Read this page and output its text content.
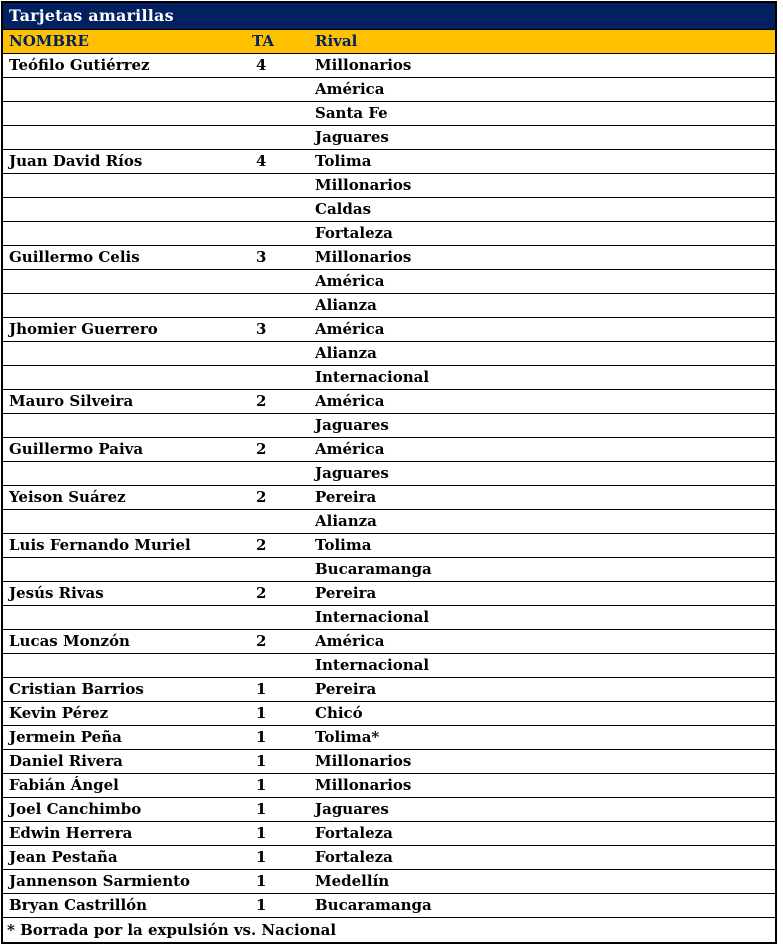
Tarjetas amarillas		
NOMBRE	TA	Rival
Teófilo Gutiérrez	4	Millonarios
		América
		Santa Fe
		Jaguares
Juan David Ríos	4	Tolima
		Millonarios
		Caldas
		Fortaleza
Guillermo Celis	3	Millonarios
		América
		Alianza
Jhomier Guerrero	3	América
		Alianza
		Internacional
Mauro Silveira	2	América
		Jaguares
Guillermo Paiva	2	América
		Jaguares
Yeison Suárez	2	Pereira
		Alianza
Luis Fernando Muriel	2	Tolima
		Bucaramanga
Jesús Rivas	2	Pereira
		Internacional
Lucas Monzón	2	América
		Internacional
Cristian Barrios	1	Pereira
Kevin Pérez	1	Chicó
Jermein Peña	1	Tolima*
Daniel Rivera	1	Millonarios
Fabián Ángel	1	Millonarios
Joel Canchimbo	1	Jaguares
Edwin Herrera	1	Fortaleza
Jean Pestaña	1	Fortaleza
Jannenson Sarmiento	1	Medellín
Bryan Castrillón	1	Bucaramanga
* Borrada por la expulsión vs. Nacional		
